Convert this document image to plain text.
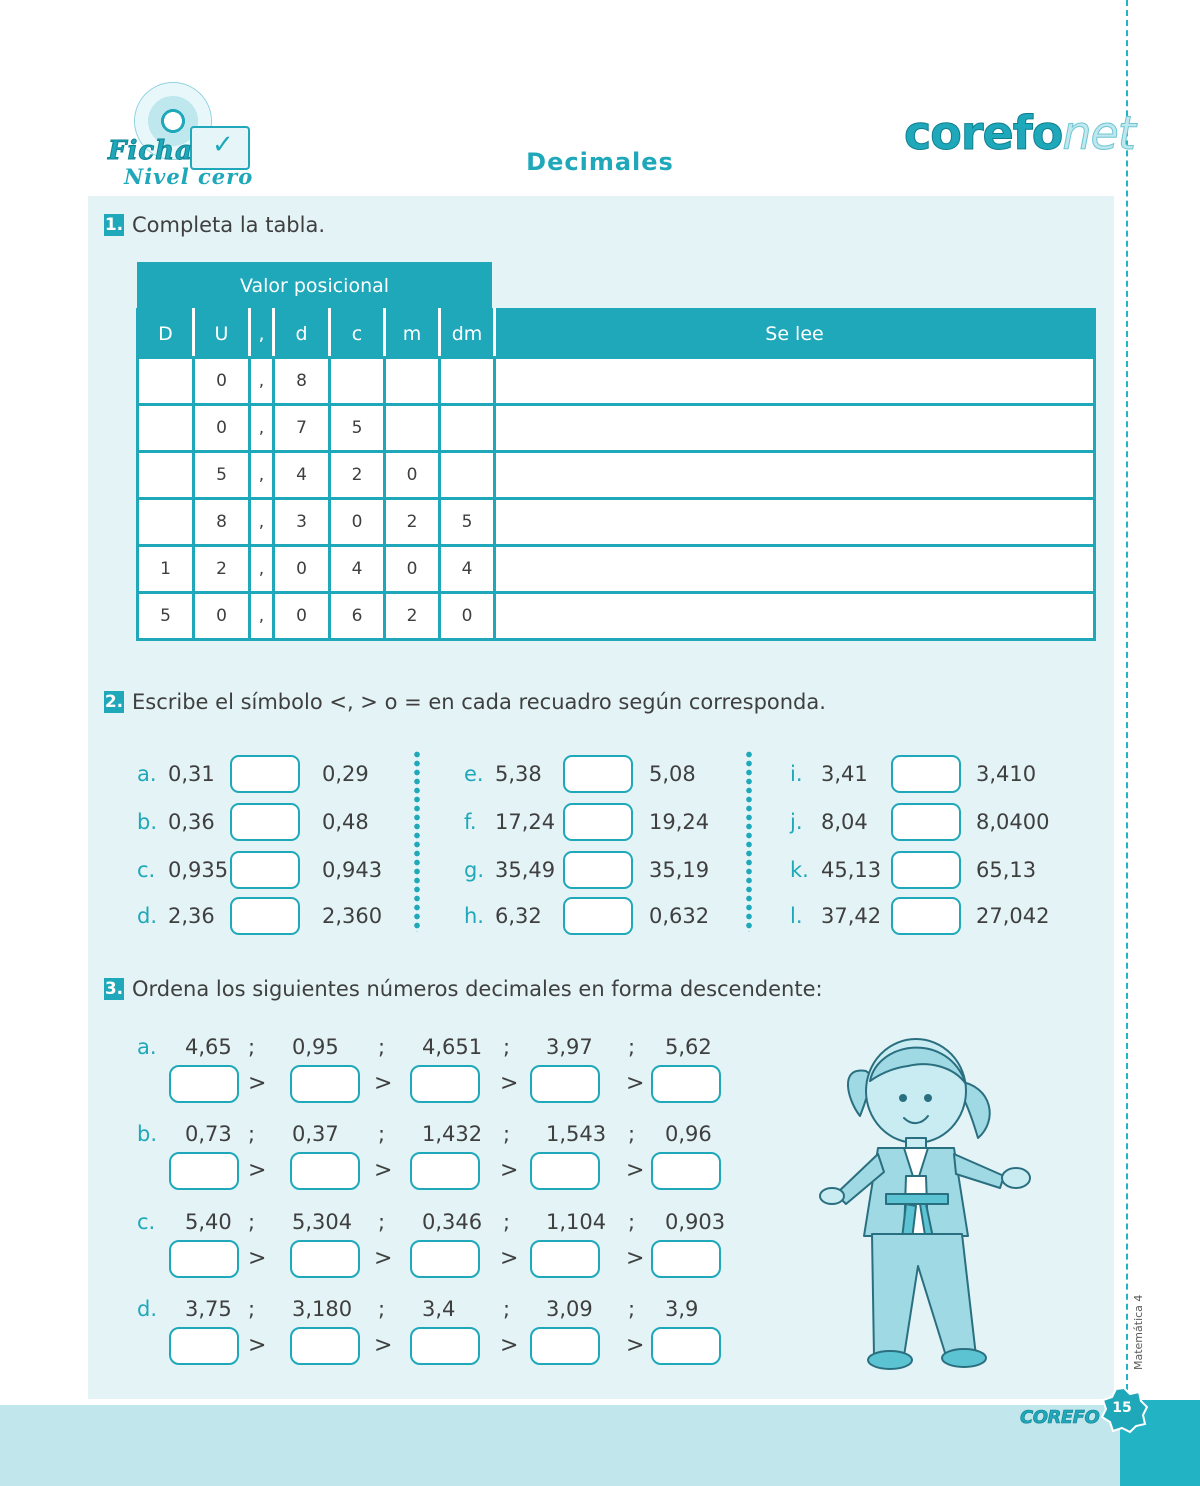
✓
Ficha
Nivel cero
Decimales
corefonet
1. Completa la tabla.
Valor posicional
D	U	,	d	c	m	dm	Se lee
	0	,	8				
	0	,	7	5			
	5	,	4	2	0		
	8	,	3	0	2	5	
1	2	,	0	4	0	4	
5	0	,	0	6	2	0	
2. Escribe el símbolo <, > o = en cada recuadro según corresponda.
a. 0,31	0,29
b. 0,36	0,48
c. 0,935	0,943
d. 2,36	2,360
e. 5,38	5,08
f. 17,24	19,24
g. 35,49	35,19
h. 6,32	0,632
i. 3,41	3,410
j. 8,04	8,0400
k. 45,13	65,13
l. 37,42	27,042
3. Ordena los siguientes números decimales en forma descendente:
a. 4,65	0,95	4,651	3,97	5,62
;	;	;	;
>	>	>	>
b. 0,73	0,37	1,432	1,543	0,96
;	;	;	;
>	>	>	>
c. 5,40	5,304	0,346	1,104	0,903
;	;	;	;
>	>	>	>
d. 3,75	3,180	3,4	3,09	3,9
;	;	;	;
>	>	>	>	Matemática 4
COREFO 15
